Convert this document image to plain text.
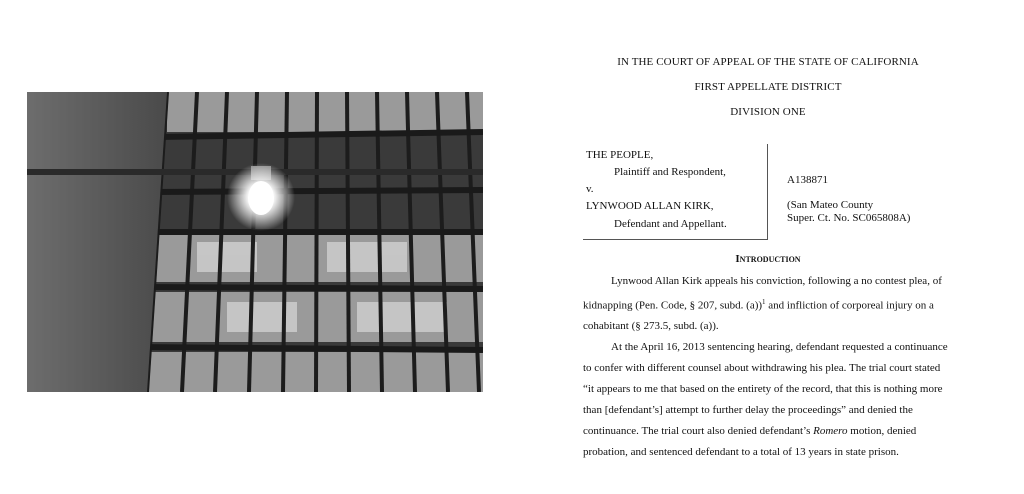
IN THE COURT OF APPEAL OF THE STATE OF CALIFORNIA
FIRST APPELLATE DISTRICT
DIVISION ONE
THE PEOPLE,
Plaintiff and Respondent,
v.
LYNWOOD ALLAN KIRK,
Defendant and Appellant.
A138871
(San Mateo County
Super. Ct. No. SC065808A)
Introduction

Lynwood Allan Kirk appeals his conviction, following a no contest plea, of kidnapping (Pen. Code, § 207, subd. (a))$^1$ and infliction of corporeal injury on a cohabitant (§ 273.5, subd. (a)).

At the April 16, 2013 sentencing hearing, defendant requested a continuance to confer with different counsel about withdrawing his plea. The trial court stated “it appears to me that based on the entirety of the record, that this is nothing more than [defendant’s] attempt to further delay the proceedings” and denied the continuance. The trial court also denied defendant’s Romero motion, denied probation, and sentenced defendant to a total of 13 years in state prison.
